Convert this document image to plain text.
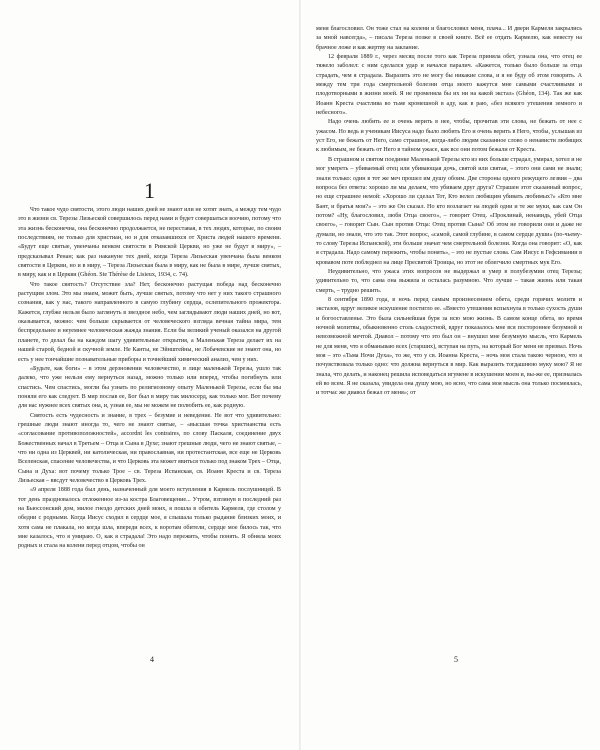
1

Что такое чудо святости, этого люди наших дней не знают или не хотят знать, а между тем чудо это в жизни св. Терезы Лизьеской совершилось перед нами и будет совершаться воочию, потому что эта жизнь бесконечна, она бесконечно продолжается, не переставая, в тех людях, которые, по своим последствиям, не только для христиан, но и для отказавшихся от Христа людей нашего времени. «Будут еще святые, увенчаны венком святости в Римской Церкви, но уже не будут в миру», – предсказывал Ренан; как раз накануне тех дней, когда Тереза Лизьеская увенчана была венком святости в Церкви, но и в миру, – Тереза Лизьеская была в миру, как не была в мире, лучше святых, в миру, как и в Церкви (Ghéon. Ste Thérèse de Lisieux, 1934, c. 74).

Что такое святость? Отсутствие зла? Нет, бесконечно растущая победа над бесконечно растущим злом. Это мы знаем, может быть, лучше святых, потому что нет у них такого страшного сознания, как у нас, такого направленного в самую глубину сердца, ослепительного прожектора. Кажется, глубже нельзя было заглянуть в звездное небо, чем заглядывают люди наших дней, но вот, оказывается, можно: чем больше скрывается от человеческого взгляда вечная тайна мира, тем беспредельнее и неуемнее человеческая жажда знания. Если бы великий ученый оказался на другой планете, то делал бы на каждом шагу удивительные открытия, а Маленькая Тереза делает их на нашей старой, бедной и скучной земле. Не Канты, не Эйнштейны, не Лобачевские не знают она, но есть у нее тончайшие познавательные приборы и точнейший химический анализ, чем у них.

«Будьте, как боги» – в этом дерзновении человечество, в лице маленькой Терезы, ушло так далеко, что уже нельзя ему вернуться назад, можно только или вперед, чтобы погибнуть или спастись. Чем спастись, могли бы узнать по религиозному опыту Маленькой Терезы, если бы мы поняли его как следует. В мир послав ее, Бог был в миру так милосерд, как только мог. Вот почему для нас нужнее всех святых она, и, узнав ее, мы не можем не полюбить ее, как родную.

Святость есть чудесность и знание, в трех – безумие и неведение. Не вот что удивительно: грешные люди знают иногда то, чего не знают святые, – «высшая точка христианства есть «согласование противоположностей», accordnt les contraires, по слову Паскаля, соединение двух Божественных начал в Третьем – Отца и Сына в Духе; знают грешные люди, чего не знают святые, – что ни одна из Церквей, ни католическая, ни православная, ни протестантская, все еще не Церковь Вселенская, спасение человечества, и что Церковь эта может явиться только под знаком Трех – Отца, Сына и Духа: вот почему только Трое – св. Тереза Испанская, св. Иоанн Креста и св. Тереза Лизьеская – ввсдут человечество в Церковь Трех.

«9 апреля 1888 года был день, назначенный для моего вступления в Кармель послушницей. В тот день праздновалось отложенное из-за костра Благовещение... Утром, взглянув в последний раз на Бьюссонский дом, милое гнездо детских дней моих, я пошла в обитель Кармеля, где столом у обедни с родными. Когда Иисус сходил в сердце мое, я слышала только рыдание близких моих, и хотя сама не плакала, но когда шла, впереди всех, к воротам обители, сердце мое билось так, что мне казалось, что я умираю. О, как я страдала! Это надо пережить, чтобы понять. Я обняла моих родных и стала на колени перед отцом, чтобы он

4

меня благословил. Он тоже стал на колени и благословил меня, плача... И двери Кармеля закрылись за мной навсегда», – писала Тереза позже в своей книге. Всё ее отдать Кармелю, как невесту на брачное ложе и как жертву на заклание.

12 февраля 1889 г., через месяц после того как Тереза приняла обет, узнала она, что отец ее тяжело заболел: с ним сделался удар и начался паралич. «Кажется, только было больше за отца страдать, чем я страдала. Выразить это не могу бы никакие слова, и я не буду об этом говорить. А между тем три года смертельной болезни отца моего кажутся мне самыми счастливыми и плодотворными в жизни моей. Я не променяла бы их ни на какой экстаз» (Ghéon, 134). Так же как Иоанн Креста счастлива во тьме кромешной в аду, как в раю, «без всякого утешения земного и небесного».

Надо очень любить ее и очень верить в нее, чтобы, прочитав эти слова, не бежать от нее с ужасом. Но ведь и ученикам Иисуса надо было любить Его и очень верить в Него, чтобы, услышав из уст Его, не бежать от Него, само страшное, когда-либо людям сказанное слово о ненависти любящих к любимым, не бежать от Него в тайном ужасе, как все они потом бежали от Креста.

В страшном и святом поединке Маленькой Терезы кто из них больше страдал, умирал, хотел и не мог умереть – убиваемый отец или убивающая дочь, святой или святая, – этого они сами не знали; знали только: один в тот же меч прошел им душу обоим. Две стороны одного режущего лезвия – два вопроса без ответа: хорошо ли мы делаем, что убиваем друг друга? Страшен этот сказанный вопрос, но еще страшнее немой: «Хорошо ли сделал Тот, Кто велел любящим убивать любимых?» «Кто мне Бант, и братья мои?» – это же Он сказал. Но кто возлагает на людей одни и те же муки, как сам Он потом? «Ну, благословил, любя Отца своего», – говорит Отец. «Проклинай, ненавидь, убей Отца своего», – говорит Сын. Сын против Отца: Отец против Сына? Об этом не говорили они и даже не думали, но знали, что это так. Этот вопрос, «самой, самой глубине, в самом сердце души» (по-чьему-то слову Терезы Испанской), эти больше значат чем смертельной болезни. Когда она говорит: «О, как я страдала. Надо самому пережить, чтобы понять», – это не пустые слова. Сам Иисус в Гефсимании в кровавом поте побледнел на лице Пресвятой Троицы, но этот не облегчило смертных мук Его.

Неудивительно, что ужаса этих вопросов не выдержал и умер в полубезумии отец Терезы; удивительно то, что сама она выжила и осталась разумною. Что лучше – такая жизнь или такая смерть, – трудно решить.

8 сентября 1890 года, в ночь перед самым произнесением обета, среди горячих молитв и экстазов, вдруг великое искушение постигло ее. «Вместо утешения вспыхнула в только сухость души и богооставленье. Это была сильнейшая буря за всю мою жизнь. В самом конце обета, во время ночной молитвы, обыкновенно столь сладостной, вдруг показалось мне вся постороннее безумной и невозможной мечтой. Диавол – потому что это был он – внушил мне безумную мысль, что Кармель не для меня, что я обманываю всех (старших), вступая на путь, на который Бог меня не призвал. Ночь моя – это «Тьма Ночи Духа», то же, что у св. Иоанна Креста, – ночь моя стала такою черною, что я почувствовала только одно: что должна вернуться в мир. Как выразить тогдашнюю муку мою? Я не знала, что делать, и наконец решила исповедаться игумене в искушении моем и, вы-же ее, призналась ей во всем. Я не сказала, увидела она душу мою, но ясно, что сама моя мысль она только посмеялась, и тотчас же диавол бежал от меня»; от

5
